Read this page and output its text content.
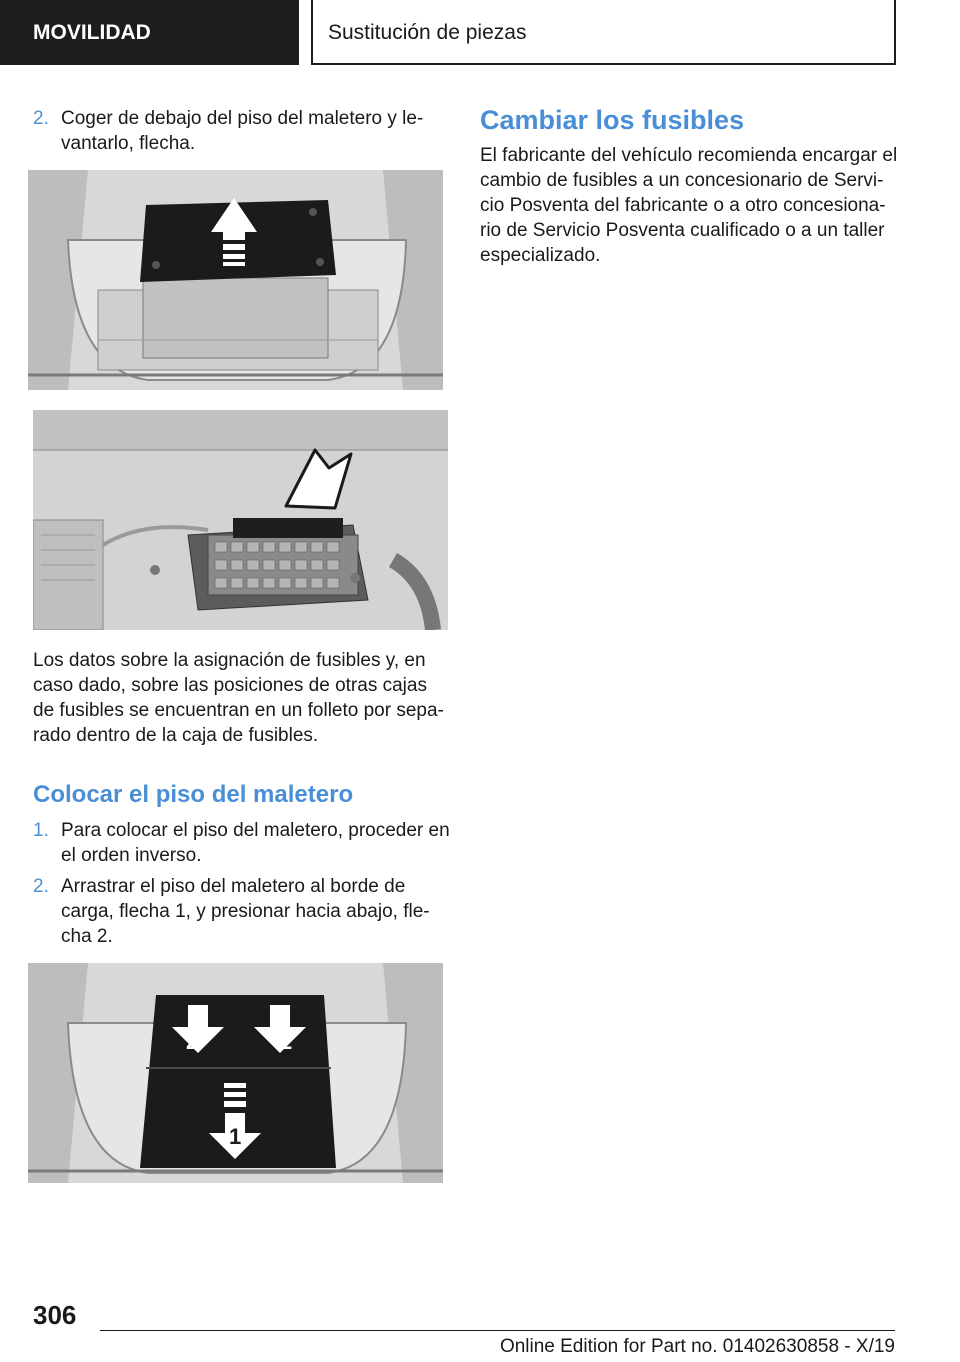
MOVILIDAD	Sustitución de piezas
2. Coger de debajo del piso del maletero y le‐
vantarlo, flecha.
Los datos sobre la asignación de fusibles y, en
caso dado, sobre las posiciones de otras cajas
de fusibles se encuentran en un folleto por sepa‐
rado dentro de la caja de fusibles.
Colocar el piso del maletero
1. Para colocar el piso del maletero, proceder en
el orden inverso.
2. Arrastrar el piso del maletero al borde de
carga, flecha 1, y presionar hacia abajo, fle‐
cha 2.
2	2
1
Cambiar los fusibles
El fabricante del vehículo recomienda encargar el
cambio de fusibles a un concesionario de Servi‐
cio Posventa del fabricante o a otro concesiona‐
rio de Servicio Posventa cualificado o a un taller
especializado.
306
Online Edition for Part no. 01402630858 - X/19
